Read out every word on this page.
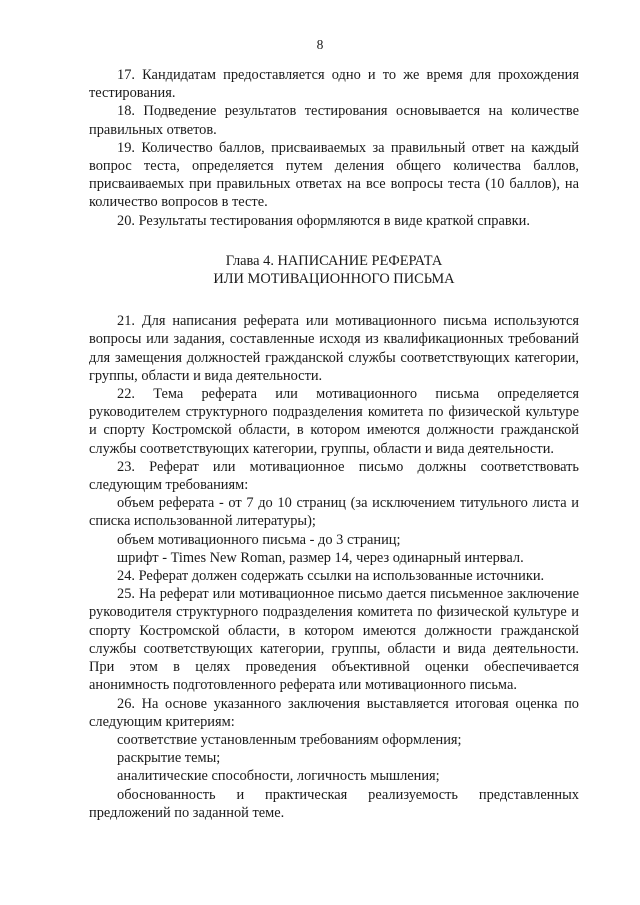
8

17. Кандидатам предоставляется одно и то же время для прохождения тестирования.

18. Подведение результатов тестирования основывается на количестве правильных ответов.

19. Количество баллов, присваиваемых за правильный ответ на каждый вопрос теста, определяется путем деления общего количества баллов, присваиваемых при правильных ответах на все вопросы теста (10 баллов), на количество вопросов в тесте.

20. Результаты тестирования оформляются в виде краткой справки.

Глава 4. НАПИСАНИЕ РЕФЕРАТА

ИЛИ МОТИВАЦИОННОГО ПИСЬМА

21. Для написания реферата или мотивационного письма используются вопросы или задания, составленные исходя из квалификационных требований для замещения должностей гражданской службы соответствующих категории, группы, области и вида деятельности.

22. Тема реферата или мотивационного письма определяется руководителем структурного подразделения комитета по физической культуре и спорту Костромской области, в котором имеются должности гражданской службы соответствующих категории, группы, области и вида деятельности.

23. Реферат или мотивационное письмо должны соответствовать следующим требованиям:

объем реферата - от 7 до 10 страниц (за исключением титульного листа и списка использованной литературы);

объем мотивационного письма - до 3 страниц;

шрифт - Times New Roman, размер 14, через одинарный интервал.

24. Реферат должен содержать ссылки на использованные источники.

25. На реферат или мотивационное письмо дается письменное заключение руководителя структурного подразделения комитета по физической культуре и спорту Костромской области, в котором имеются должности гражданской службы соответствующих категории, группы, области и вида деятельности. При этом в целях проведения объективной оценки обеспечивается анонимность подготовленного реферата или мотивационного письма.

26. На основе указанного заключения выставляется итоговая оценка по следующим критериям:

соответствие установленным требованиям оформления;

раскрытие темы;

аналитические способности, логичность мышления;

обоснованность и практическая реализуемость представленных предложений по заданной теме.
